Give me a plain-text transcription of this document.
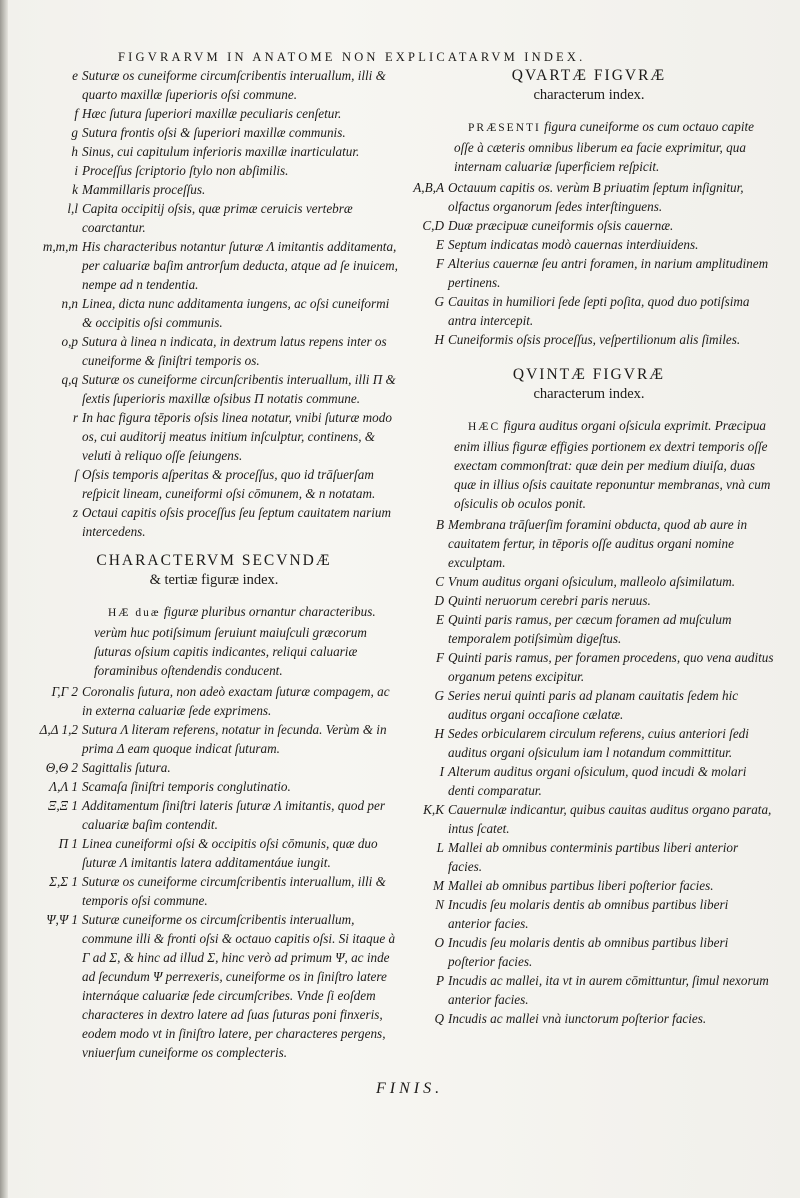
FIGVRARVM IN ANATOME NON EXPLICATARVM INDEX.
e Suturæ os cuneiforme circumſcribentis interuallum, illi & quarto maxillæ ſuperioris oſsi commune.
f Hæc ſutura ſuperiori maxillæ peculiaris cenſetur.
g Sutura frontis oſsi & ſuperiori maxillæ communis.
h Sinus, cui capitulum inferioris maxillæ inarticulatur.
i Proceſſus ſcriptorio ſtylo non abſimilis.
k Mammillaris proceſſus.
l,l Capita occipitij oſsis, quæ primæ ceruicis vertebræ coarctantur.
m,m,m His characteribus notantur ſuturæ Λ imitantis additamenta, per caluariæ baſim antrorſum deducta, atque ad ſe inuicem, nempe ad n tendentia.
n,n Linea, dicta nunc additamenta iungens, ac oſsi cuneiformi & occipitis oſsi communis.
o,p Sutura à linea n indicata, in dextrum latus repens inter os cuneiforme & ſiniſtri temporis os.
q,q Suturæ os cuneiforme circunſcribentis interuallum, illi Π & ſextis ſuperioris maxillæ oſsibus Π notatis commune.
r In hac figura tēporis oſsis linea notatur, vnibi ſuturæ modo os, cui auditorij meatus initium inſculptur, continens, & veluti à reliquo oſſe ſeiungens.
ſ Oſsis temporis aſperitas & proceſſus, quo id trāſuerſam reſpicit lineam, cuneiformi oſsi cōmunem, & n notatam.
z Octaui capitis oſsis proceſſus ſeu ſeptum cauitatem narium intercedens.
CHARACTERVM SECVNDÆ
& tertiæ figuræ index.
HÆ duæ figuræ pluribus ornantur characteribus. verùm huc potiſsimum ſeruiunt maiuſculi græcorum ſuturas oſsium capitis indicantes, reliqui caluariæ foraminibus oſtendendis conducent.
Γ,Γ 2 Coronalis ſutura, non adeò exactam ſuturæ compagem, ac in externa caluariæ ſede exprimens.
Δ,Δ 1,2 Sutura Λ literam referens, notatur in ſecunda. Verùm & in prima Δ eam quoque indicat ſuturam.
Θ,Θ 2 Sagittalis ſutura.
Λ,Λ 1 Scamaſa ſiniſtri temporis conglutinatio.
Ξ,Ξ 1 Additamentum ſiniſtri lateris ſuturæ Λ imitantis, quod per caluariæ baſim contendit.
Π 1 Linea cuneiformi oſsi & occipitis oſsi cōmunis, quæ duo ſuturæ Λ imitantis latera additamentáue iungit.
Σ,Σ 1 Suturæ os cuneiforme circumſcribentis interuallum, illi & temporis oſsi commune.
Ψ,Ψ 1 Suturæ cuneiforme os circumſcribentis interuallum, commune illi & fronti oſsi & octauo capitis oſsi. Si itaque à Γ ad Σ, & hinc ad illud Σ, hinc verò ad primum Ψ, ac inde ad ſecundum Ψ perrexeris, cuneiforme os in ſiniſtro latere internáque caluariæ ſede circumſcribes. Vnde ſi eoſdem characteres in dextro latere ad ſuas ſuturas poni finxeris, eodem modo vt in ſiniſtro latere, per characteres pergens, vniuerſum cuneiforme os complecteris.
QVARTÆ FIGVRÆ
characterum index.
PRÆSENTI figura cuneiforme os cum octauo capite oſſe à cæteris omnibus liberum ea facie exprimitur, qua internam caluariæ ſuperficiem reſpicit.
A,B,A Octauum capitis os. verùm B priuatim ſeptum inſignitur, olfactus organorum ſedes interſtinguens.
C,D Duæ præcipuæ cuneiformis oſsis cauernæ.
E Septum indicatas modò cauernas interdiuidens.
F Alterius cauernæ ſeu antri foramen, in narium amplitudinem pertinens.
G Cauitas in humiliori ſede ſepti poſita, quod duo potiſsima antra intercepit.
H Cuneiformis oſsis proceſſus, veſpertilionum alis ſimiles.
QVINTÆ FIGVRÆ
characterum index.
HÆC figura auditus organi oſsicula exprimit. Præcipua enim illius figuræ effigies portionem ex dextri temporis oſſe exectam commonſtrat: quæ dein per medium diuiſa, duas quæ in illius oſsis cauitate reponuntur membranas, vnà cum oſsiculis ob oculos ponit.
B Membrana trāſuerſim foramini obducta, quod ab aure in cauitatem fertur, in tēporis oſſe auditus organi nomine exculptam.
C Vnum auditus organi oſsiculum, malleolo aſsimilatum.
D Quinti neruorum cerebri paris neruus.
E Quinti paris ramus, per cæcum foramen ad muſculum temporalem potiſsimùm digeſtus.
F Quinti paris ramus, per foramen procedens, quo vena auditus organum petens excipitur.
G Series nerui quinti paris ad planam cauitatis ſedem hic auditus organi occaſione cælatæ.
H Sedes orbicularem circulum referens, cuius anteriori ſedi auditus organi oſsiculum iam l notandum committitur.
I Alterum auditus organi oſsiculum, quod incudi & molari denti comparatur.
K,K Cauernulæ indicantur, quibus cauitas auditus organo parata, intus ſcatet.
L Mallei ab omnibus conterminis partibus liberi anterior facies.
M Mallei ab omnibus partibus liberi poſterior facies.
N Incudis ſeu molaris dentis ab omnibus partibus liberi anterior facies.
O Incudis ſeu molaris dentis ab omnibus partibus liberi poſterior facies.
P Incudis ac mallei, ita vt in aurem cōmittuntur, ſimul nexorum anterior facies.
Q Incudis ac mallei vnà iunctorum poſterior facies.
FINIS.
